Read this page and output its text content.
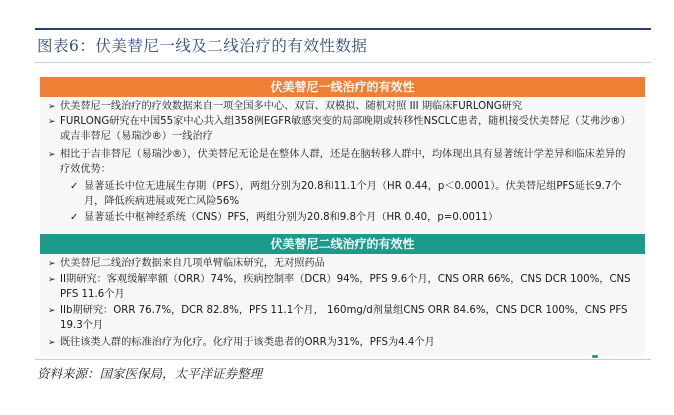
图表6：伏美替尼一线及二线治疗的有效性数据
伏美替尼一线治疗的有效性
➢ 伏美替尼一线治疗的疗效数据来自一项全国多中心、双盲、双模拟、随机对照 III 期临床FURLONG研究
➢ FURLONG研究在中国55家中心共入组358例EGFR敏感突变的局部晚期或转移性NSCLC患者，随机接受伏美替尼（艾弗沙®）或吉非替尼（易瑞沙®）一线治疗
➢ 相比于吉非替尼（易瑞沙®），伏美替尼无论是在整体人群，还是在脑转移人群中，均体现出具有显著统计学差异和临床差异的疗效优势：
✓ 显著延长中位无进展生存期（PFS），两组分别为20.8和11.1个月（HR 0.44，p＜0.0001）。伏美替尼组PFS延长9.7个月，降低疾病进展或死亡风险56%
✓ 显著延长中枢神经系统（CNS）PFS，两组分别为20.8和9.8个月（HR 0.40，p=0.0011）
伏美替尼二线治疗的有效性
➢ 伏美替尼二线治疗数据来自几项单臂临床研究，无对照药品
➢ II期研究：客观缓解率额（ORR）74%，疾病控制率（DCR）94%，PFS 9.6个月，CNS ORR 66%，CNS DCR 100%，CNS PFS 11.6个月
➢ IIb期研究：ORR 76.7%，DCR 82.8%，PFS 11.1个月， 160mg/d剂量组CNS ORR 84.6%，CNS DCR 100%，CNS PFS 19.3个月
➢ 既往该类人群的标准治疗为化疗。化疗用于该类患者的ORR为31%，PFS为4.4个月
资料来源：国家医保局，太平洋证券整理
